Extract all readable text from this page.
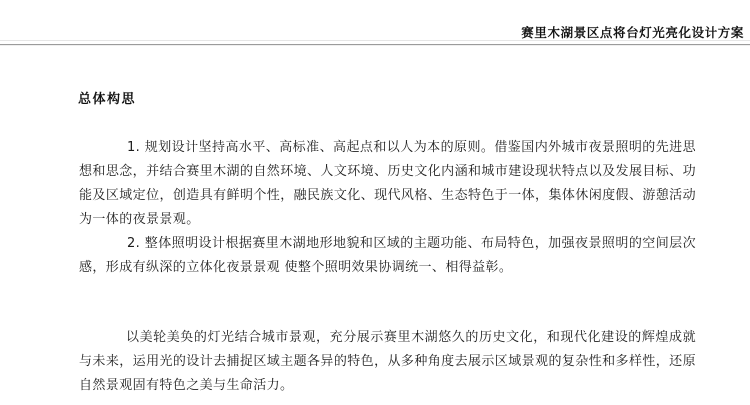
赛里木湖景区点将台灯光亮化设计方案
总体构思

1. 规划设计坚持高水平、高标准、高起点和以人为本的原则。借鉴国内外城市夜景照明的先进思想和思念，并结合赛里木湖的自然环境、人文环境、历史文化内涵和城市建设现状特点以及发展目标、功能及区域定位，创造具有鲜明个性，融民族文化、现代风格、生态特色于一体，集体休闲度假、游憩活动为一体的夜景景观。

2. 整体照明设计根据赛里木湖地形地貌和区域的主题功能、布局特色，加强夜景照明的空间层次感，形成有纵深的立体化夜景景观 使整个照明效果协调统一、相得益彰。

以美轮美奂的灯光结合城市景观，充分展示赛里木湖悠久的历史文化，和现代化建设的辉煌成就与未来，运用光的设计去捕捉区域主题各异的特色，从多种角度去展示区域景观的复杂性和多样性，还原自然景观固有特色之美与生命活力。
